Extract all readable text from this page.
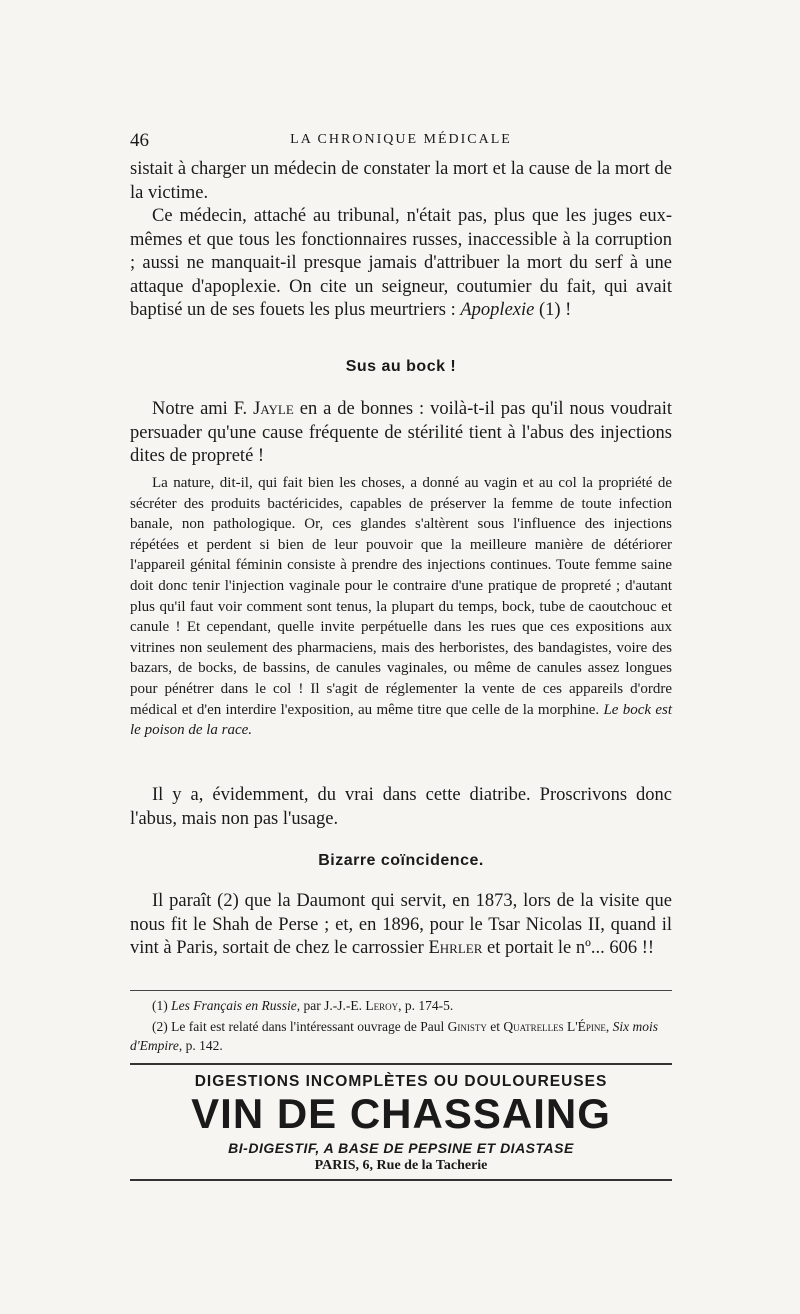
46	LA CHRONIQUE MÉDICALE

sistait à charger un médecin de constater la mort et la cause de la mort de la victime.

Ce médecin, attaché au tribunal, n'était pas, plus que les juges eux-mêmes et que tous les fonctionnaires russes, inaccessible à la corruption ; aussi ne manquait-il presque jamais d'attribuer la mort du serf à une attaque d'apoplexie. On cite un seigneur, coutumier du fait, qui avait baptisé un de ses fouets les plus meurtriers : Apoplexie (1) !

Sus au bock !

Notre ami F. Jayle en a de bonnes : voilà-t-il pas qu'il nous voudrait persuader qu'une cause fréquente de stérilité tient à l'abus des injections dites de propreté !

La nature, dit-il, qui fait bien les choses, a donné au vagin et au col la propriété de sécréter des produits bactéricides, capables de préserver la femme de toute infection banale, non pathologique. Or, ces glandes s'altèrent sous l'influence des injections répétées et perdent si bien de leur pouvoir que la meilleure manière de détériorer l'appareil génital féminin consiste à prendre des injections continues. Toute femme saine doit donc tenir l'injection vaginale pour le contraire d'une pratique de propreté ; d'autant plus qu'il faut voir comment sont tenus, la plupart du temps, bock, tube de caoutchouc et canule ! Et cependant, quelle invite perpétuelle dans les rues que ces expositions aux vitrines non seulement des pharmaciens, mais des herboristes, des bandagistes, voire des bazars, de bocks, de bassins, de canules vaginales, ou même de canules assez longues pour pénétrer dans le col ! Il s'agit de réglementer la vente de ces appareils d'ordre médical et d'en interdire l'exposition, au même titre que celle de la morphine. Le bock est le poison de la race.

Il y a, évidemment, du vrai dans cette diatribe. Proscrivons donc l'abus, mais non pas l'usage.

Bizarre coïncidence.

Il paraît (2) que la Daumont qui servit, en 1873, lors de la visite que nous fit le Shah de Perse ; et, en 1896, pour le Tsar Nicolas II, quand il vint à Paris, sortait de chez le carrossier Ehrler et portait le nº... 606 !!

(1) Les Français en Russie, par J.-J.-E. Leroy, p. 174-5.

(2) Le fait est relaté dans l'intéressant ouvrage de Paul Ginisty et Quatrelles L'Épine, Six mois d'Empire, p. 142.

DIGESTIONS INCOMPLÈTES OU DOULOUREUSES
VIN DE CHASSAING
BI-DIGESTIF, A BASE DE PEPSINE ET DIASTASE
PARIS, 6, Rue de la Tacherie
